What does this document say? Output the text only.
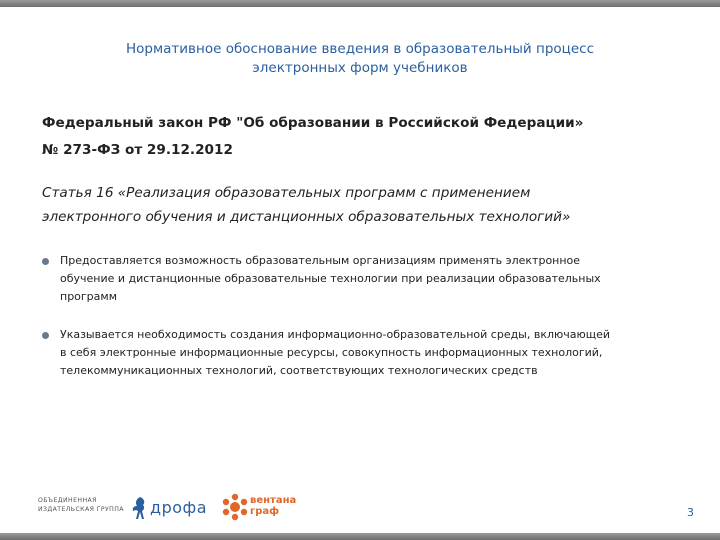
Нормативное обоснование введения в образовательный процесс
электронных форм учебников
Федеральный закон РФ "Об образовании в Российской Федерации»
№ 273-ФЗ от 29.12.2012
Статья 16 «Реализация образовательных программ с применением
электронного обучения и дистанционных образовательных технологий»
Предоставляется возможность образовательным организациям применять электронное
обучение и дистанционные образовательные технологии при реализации образовательных
программ
Указывается необходимость создания информационно-образовательной среды, включающей
в себя электронные информационные ресурсы, совокупность информационных технологий,
телекоммуникационных технологий, соответствующих технологических средств
ОБЪЕДИНЕННАЯ
ИЗДАТЕЛЬСКАЯ ГРУППА дрофа	вентана
граф	3
